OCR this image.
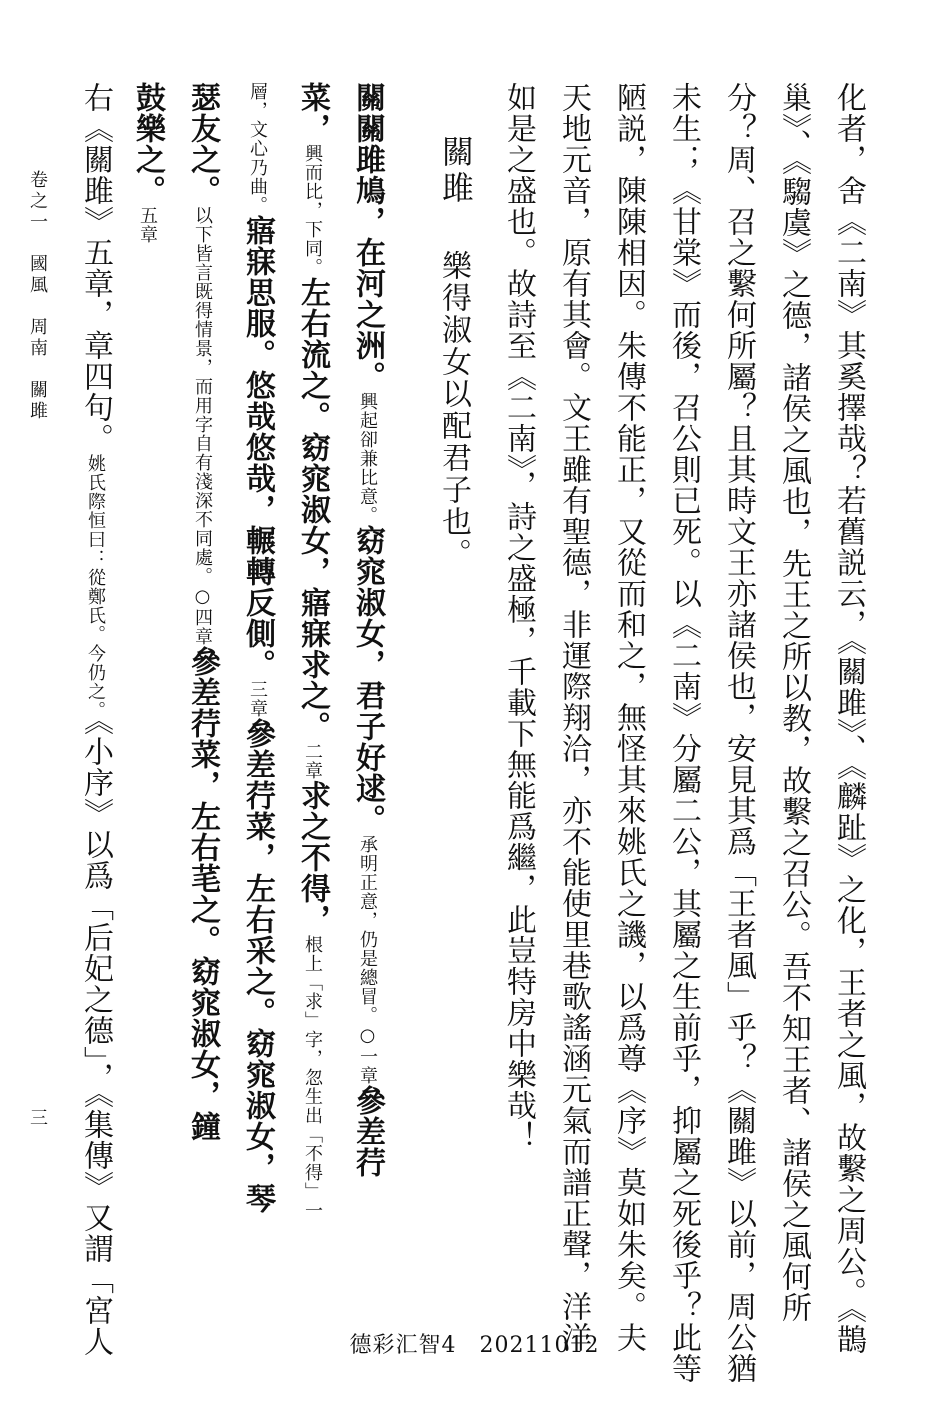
化者，舍《二南》其奚擇哉？若舊説云，《關雎》、《麟趾》之化，王者之風，故繫之周公。《鵲
巢》、《騶虞》之德，諸侯之風也，先王之所以教，故繫之召公。吾不知王者、諸侯之風何所
分？周、召之繫何所屬？且其時文王亦諸侯也，安見其爲「王者風」乎？《關雎》以前，周公猶
未生；《甘棠》而後，召公則已死。以《二南》分屬二公，其屬之生前乎，抑屬之死後乎？此等
陋説，陳陳相因。朱傳不能正，又從而和之，無怪其來姚氏之譏，以爲尊《序》莫如朱矣。夫
天地元音，原有其會。文王雖有聖德，非運際翔洽，亦不能使里巷歌謠涵元氣而譜正聲，洋洋
如是之盛也。故詩至《二南》，詩之盛極，千載下無能爲繼，此豈特房中樂哉！
關雎
樂得淑女以配君子也。
關關雎鳩，在河之洲。興起卻兼比意。窈窕淑女，君子好逑。承明正意，仍是總冒。○一章參差荇
菜，興而比，下同。左右流之。窈窕淑女，寤寐求之。二章求之不得，根上「求」字，忽生出「不得」一
層，文心乃曲。寤寐思服。悠哉悠哉，輾轉反側。三章參差荇菜，左右采之。窈窕淑女，琴
瑟友之。以下皆言既得情景，而用字自有淺深不同處。○四章參差荇菜，左右芼之。窈窕淑女，鐘
鼓樂之。五章
右《關雎》五章，章四句。姚氏際恒曰：從鄭氏。今仍之。《小序》以爲「后妃之德」，《集傳》又謂「宮人
卷之一　國風　周南　關雎
三
德彩汇智4　20211012
